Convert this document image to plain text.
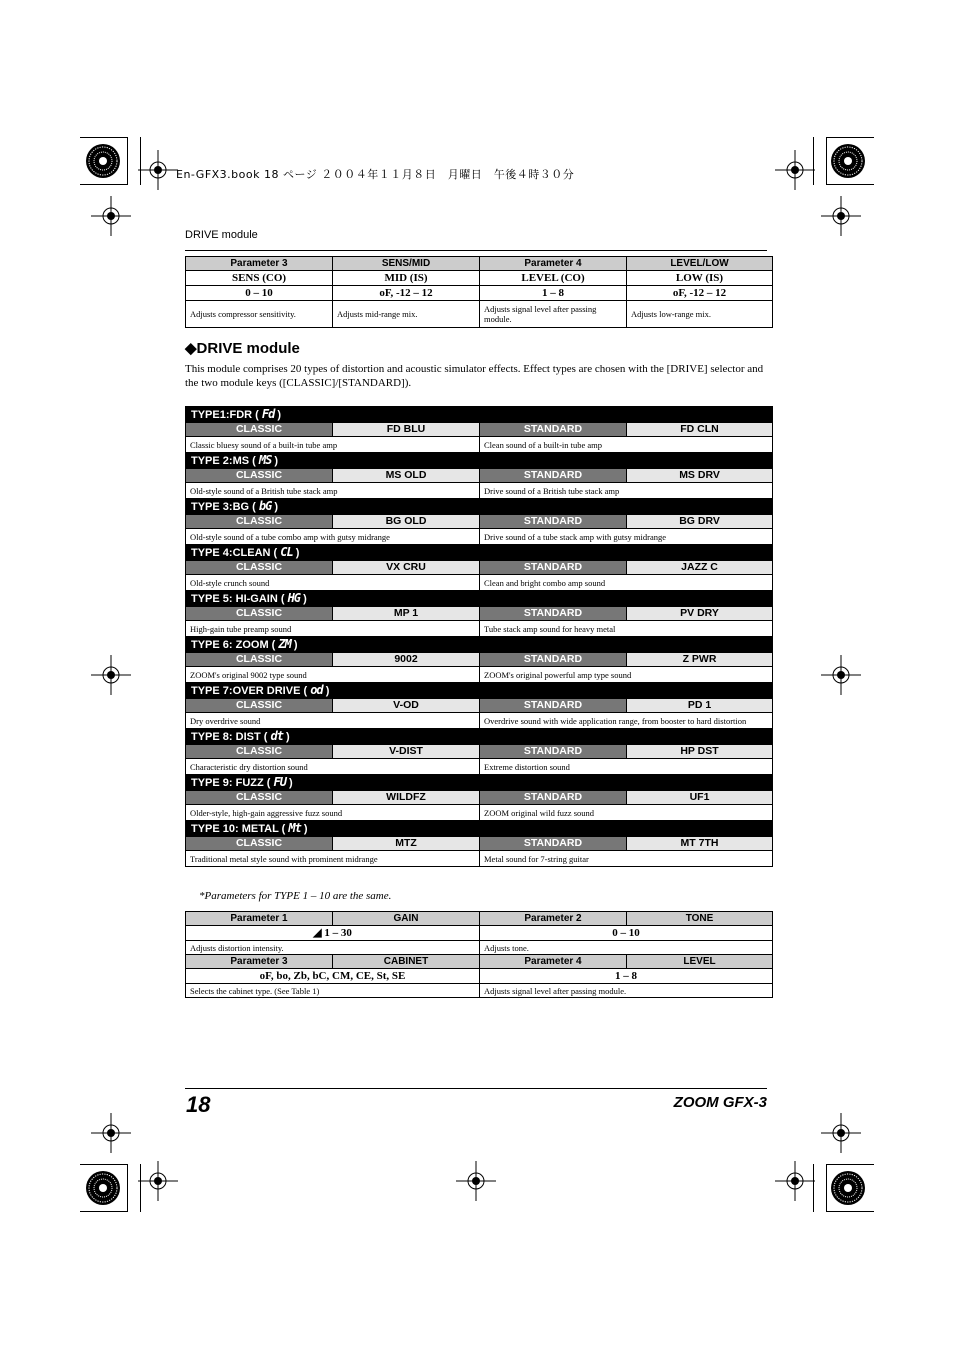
En-GFX3.book 18 ページ ２００４年１１月８日　月曜日　午後４時３０分
DRIVE module
Parameter 3	SENS/MID	Parameter 4	LEVEL/LOW
SENS (CO)	MID (IS)	LEVEL (CO)	LOW (IS)
0 – 10	oF, -12 – 12	1 – 8	oF, -12 – 12
Adjusts compressor sensitivity.	Adjusts mid-range mix.	Adjusts signal level after passing module.	Adjusts low-range mix.
◆DRIVE module
This module comprises 20 types of distortion and acoustic simulator effects. Effect types are chosen with the [DRIVE] selector and the two module keys ([CLASSIC]/[STANDARD]).
TYPE1:FDR ( Fd )			
CLASSIC	FD BLU	STANDARD	FD CLN
Classic bluesy sound of a built-in tube amp		Clean sound of a built-in tube amp	
TYPE 2:MS ( MS )			
CLASSIC	MS OLD	STANDARD	MS DRV
Old-style sound of a British tube stack amp		Drive sound of a British tube stack amp	
TYPE 3:BG ( bG )			
CLASSIC	BG OLD	STANDARD	BG DRV
Old-style sound of a tube combo amp with gutsy midrange		Drive sound of a tube stack amp with gutsy midrange	
TYPE 4:CLEAN ( CL )			
CLASSIC	VX CRU	STANDARD	JAZZ C
Old-style crunch sound		Clean and bright combo amp sound	
TYPE 5: HI-GAIN ( HG )			
CLASSIC	MP 1	STANDARD	PV DRY
High-gain tube preamp sound		Tube stack amp sound for heavy metal	
TYPE 6: ZOOM ( ZM )			
CLASSIC	9002	STANDARD	Z PWR
ZOOM's original 9002 type sound		ZOOM's original powerful amp type sound	
TYPE 7:OVER DRIVE ( od )			
CLASSIC	V-OD	STANDARD	PD 1
Dry overdrive sound		Overdrive sound with wide application range, from booster to hard distortion	
TYPE 8: DIST ( dt )			
CLASSIC	V-DIST	STANDARD	HP DST
Characteristic dry distortion sound		Extreme distortion sound	
TYPE 9: FUZZ ( FU )			
CLASSIC	WILDFZ	STANDARD	UF1
Older-style, high-gain aggressive fuzz sound		ZOOM original wild fuzz sound	
TYPE 10: METAL ( Mt )			
CLASSIC	MTZ	STANDARD	MT 7TH
Traditional metal style sound with prominent midrange		Metal sound for 7-string guitar	
*Parameters for TYPE 1 – 10 are the same.
Parameter 1	GAIN	Parameter 2	TONE
◢ 1 – 30		0 – 10	
Adjusts distortion intensity.		Adjusts tone.	
Parameter 3	CABINET	Parameter 4	LEVEL
oF, bo, Zb, bC, CM, CE, St, SE		1 – 8	
Selects the cabinet type. (See Table 1)		Adjusts signal level after passing module.	
18	ZOOM GFX-3
